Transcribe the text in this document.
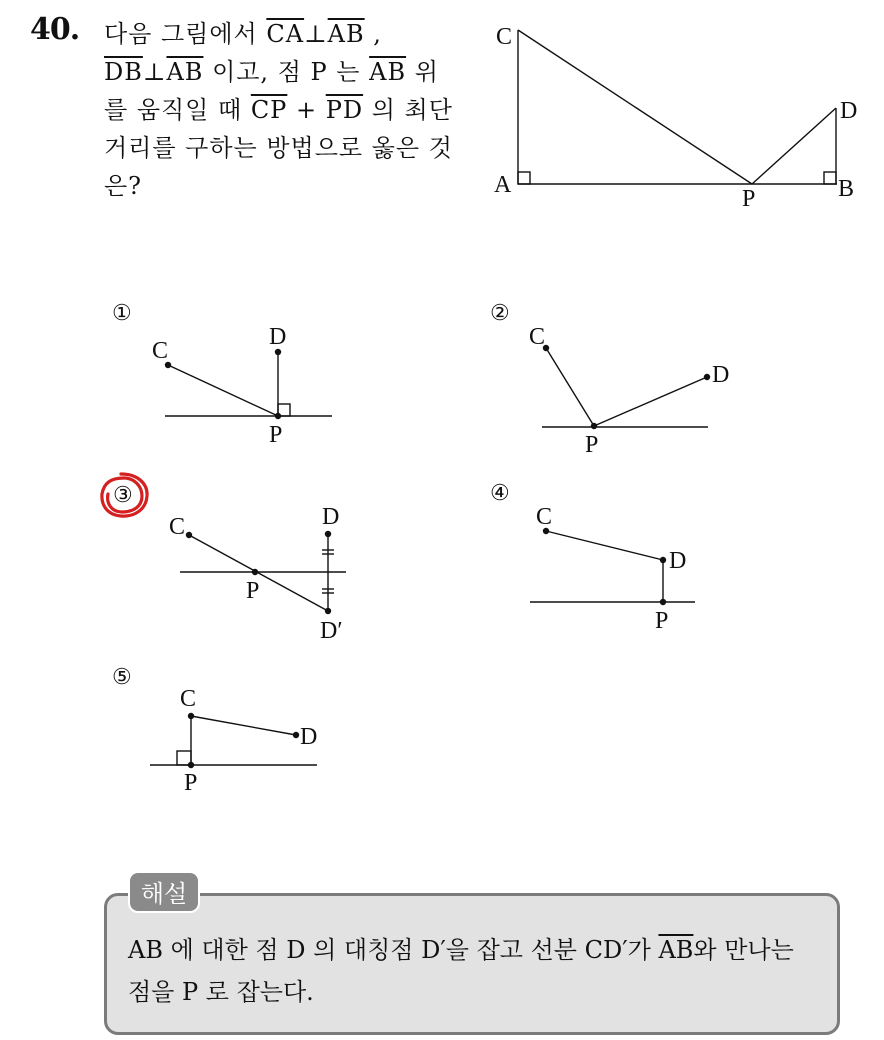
40. 다음 그림에서 $\overline{CA}\perp\overline{AB}$ ,
$\overline{DB}\perp\overline{AB}$ 이고, 점 P 는 $\overline{AB}$ 위
를 움직일 때 $\overline{CP} + \overline{PD}$ 의 최단
거리를 구하는 방법으로 옳은 것
은?
C
A
P	B
D
①
C
D
P
②
C
D
P
③
C	D
P
D′
④
C
D
P
⑤
C
D
P
해설
AB 에 대한 점 D 의 대칭점 D′을 잡고 선분 CD′가 $\overline{AB}$와 만나는
점을 P 로 잡는다.
